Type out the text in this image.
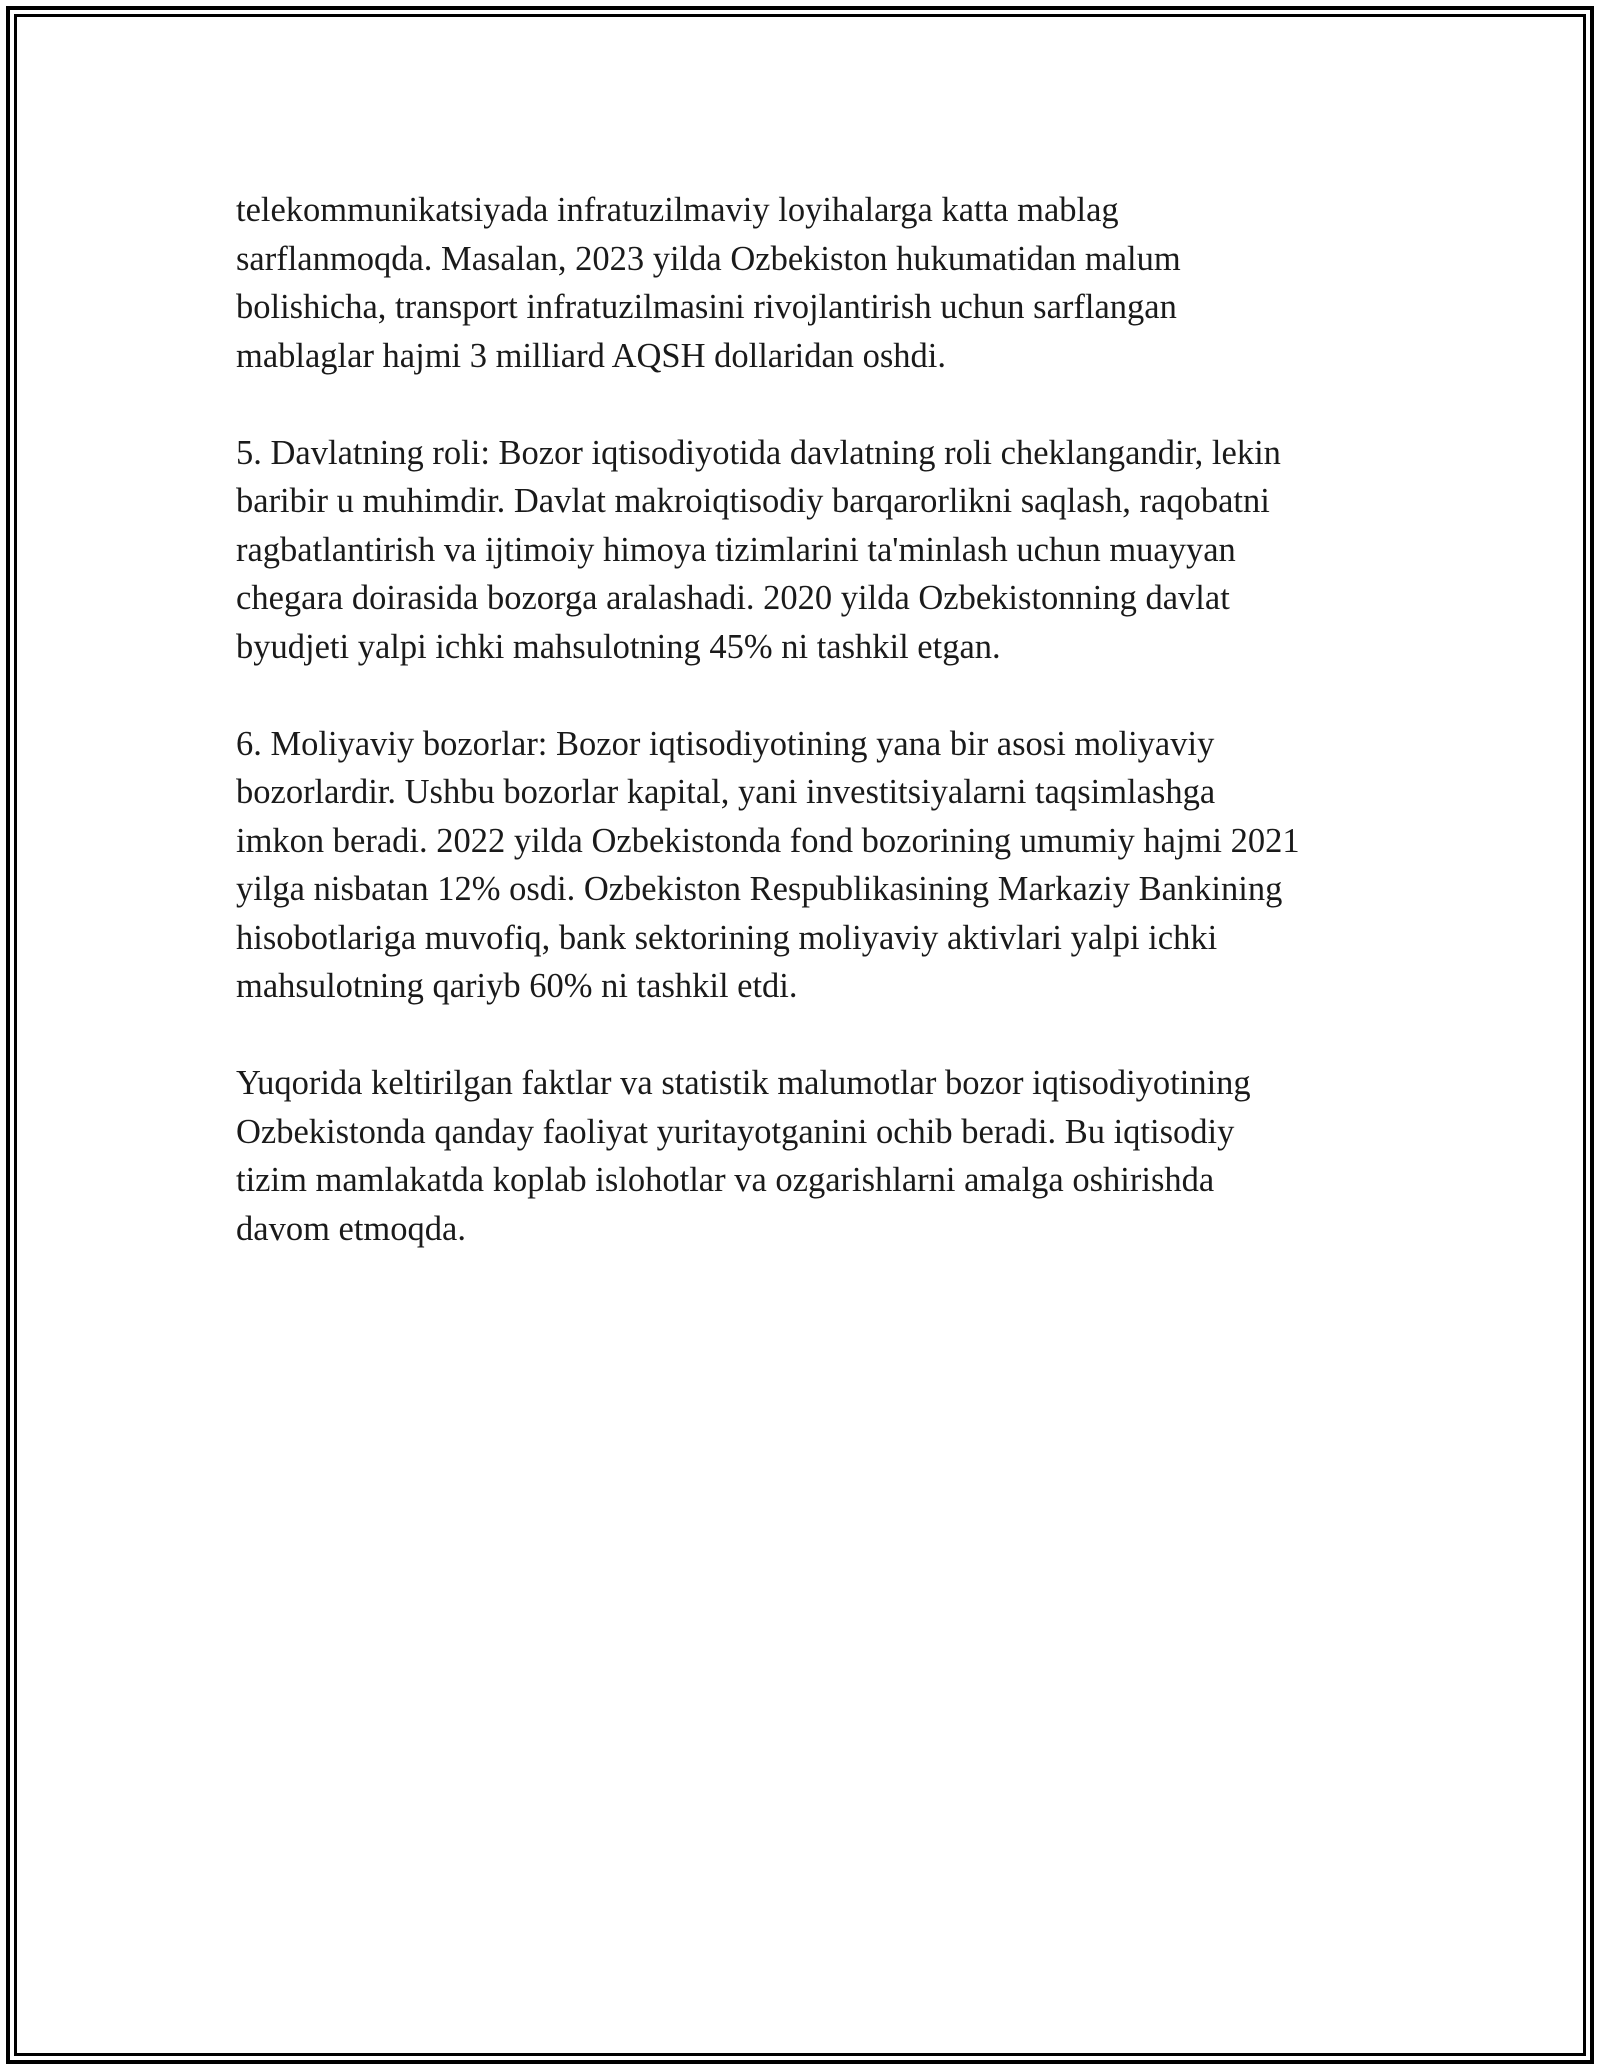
telekommunikatsiyada infratuzilmaviy loyihalarga katta mablag
sarflanmoqda. Masalan, 2023 yilda Ozbekiston hukumatidan malum
bolishicha, transport infratuzilmasini rivojlantirish uchun sarflangan
mablaglar hajmi 3 milliard AQSH dollaridan oshdi.

5. Davlatning roli: Bozor iqtisodiyotida davlatning roli cheklangandir, lekin
baribir u muhimdir. Davlat makroiqtisodiy barqarorlikni saqlash, raqobatni
ragbatlantirish va ijtimoiy himoya tizimlarini ta'minlash uchun muayyan
chegara doirasida bozorga aralashadi. 2020 yilda Ozbekistonning davlat
byudjeti yalpi ichki mahsulotning 45% ni tashkil etgan.

6. Moliyaviy bozorlar: Bozor iqtisodiyotining yana bir asosi moliyaviy
bozorlardir. Ushbu bozorlar kapital, yani investitsiyalarni taqsimlashga
imkon beradi. 2022 yilda Ozbekistonda fond bozorining umumiy hajmi 2021
yilga nisbatan 12% osdi. Ozbekiston Respublikasining Markaziy Bankining
hisobotlariga muvofiq, bank sektorining moliyaviy aktivlari yalpi ichki
mahsulotning qariyb 60% ni tashkil etdi.

Yuqorida keltirilgan faktlar va statistik malumotlar bozor iqtisodiyotining
Ozbekistonda qanday faoliyat yuritayotganini ochib beradi. Bu iqtisodiy
tizim mamlakatda koplab islohotlar va ozgarishlarni amalga oshirishda
davom etmoqda.
